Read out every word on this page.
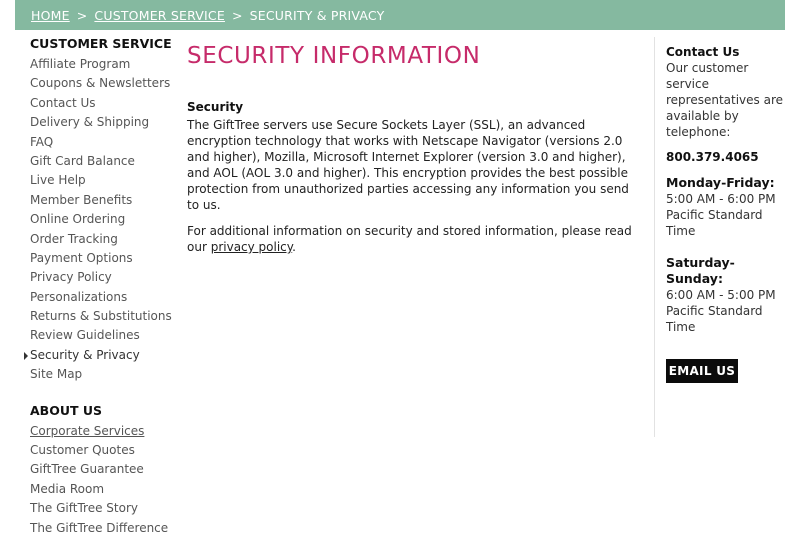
HOME > CUSTOMER SERVICE > SECURITY & PRIVACY
CUSTOMER SERVICE
Affiliate Program
Coupons & Newsletters
Contact Us
Delivery & Shipping
FAQ
Gift Card Balance
Live Help
Member Benefits
Online Ordering
Order Tracking
Payment Options
Privacy Policy
Personalizations
Returns & Substitutions
Review Guidelines
Security & Privacy
Site Map
ABOUT US
Corporate Services
Customer Quotes
GiftTree Guarantee
Media Room
The GiftTree Story
The GiftTree Difference
SECURITY INFORMATION
Security

The GiftTree servers use Secure Sockets Layer (SSL), an advanced encryption technology that works with Netscape Navigator (versions 2.0 and higher), Mozilla, Microsoft Internet Explorer (version 3.0 and higher), and AOL (AOL 3.0 and higher). This encryption provides the best possible protection from unauthorized parties accessing any information you send to us.

For additional information on security and stored information, please read our privacy policy.

Contact Us
Our customer service representatives are available by telephone:
800.379.4065
Monday-Friday:
5:00 AM - 6:00 PM Pacific Standard Time
Saturday-Sunday:
6:00 AM - 5:00 PM Pacific Standard Time
EMAIL US
